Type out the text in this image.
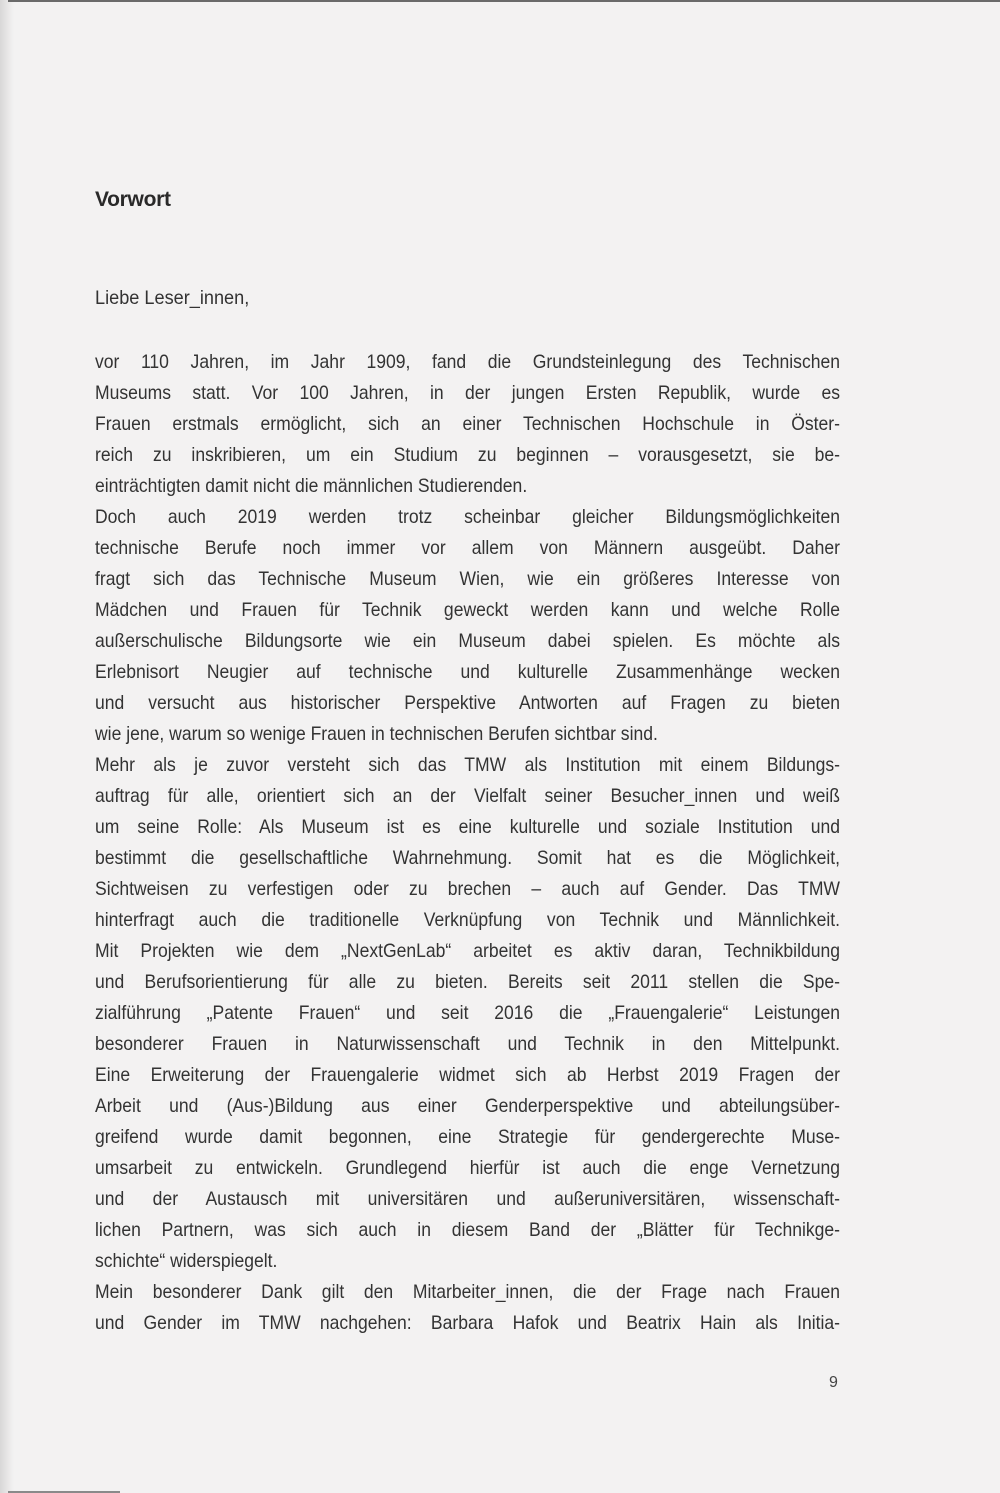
Vorwort

Liebe Leser_innen,

vor 110 Jahren, im Jahr 1909, fand die Grundsteinlegung des Technischen
Museums statt. Vor 100 Jahren, in der jungen Ersten Republik, wurde es
Frauen erstmals ermöglicht, sich an einer Technischen Hochschule in Öster-
reich zu inskribieren, um ein Studium zu beginnen – vorausgesetzt, sie be-
einträchtigten damit nicht die männlichen Studierenden.
Doch auch 2019 werden trotz scheinbar gleicher Bildungsmöglichkeiten
technische Berufe noch immer vor allem von Männern ausgeübt. Daher
fragt sich das Technische Museum Wien, wie ein größeres Interesse von
Mädchen und Frauen für Technik geweckt werden kann und welche Rolle
außerschulische Bildungsorte wie ein Museum dabei spielen. Es möchte als
Erlebnisort Neugier auf technische und kulturelle Zusammenhänge wecken
und versucht aus historischer Perspektive Antworten auf Fragen zu bieten
wie jene, warum so wenige Frauen in technischen Berufen sichtbar sind.
Mehr als je zuvor versteht sich das TMW als Institution mit einem Bildungs-
auftrag für alle, orientiert sich an der Vielfalt seiner Besucher_innen und weiß
um seine Rolle: Als Museum ist es eine kulturelle und soziale Institution und
bestimmt die gesellschaftliche Wahrnehmung. Somit hat es die Möglichkeit,
Sichtweisen zu verfestigen oder zu brechen – auch auf Gender. Das TMW
hinterfragt auch die traditionelle Verknüpfung von Technik und Männlichkeit.
Mit Projekten wie dem „NextGenLab“ arbeitet es aktiv daran, Technikbildung
und Berufsorientierung für alle zu bieten. Bereits seit 2011 stellen die Spe-
zialführung „Patente Frauen“ und seit 2016 die „Frauengalerie“ Leistungen
besonderer Frauen in Naturwissenschaft und Technik in den Mittelpunkt.
Eine Erweiterung der Frauengalerie widmet sich ab Herbst 2019 Fragen der
Arbeit und (Aus-)Bildung aus einer Genderperspektive und abteilungsüber-
greifend wurde damit begonnen, eine Strategie für gendergerechte Muse-
umsarbeit zu entwickeln. Grundlegend hierfür ist auch die enge Vernetzung
und der Austausch mit universitären und außeruniversitären, wissenschaft-
lichen Partnern, was sich auch in diesem Band der „Blätter für Technikge-
schichte“ widerspiegelt.
Mein besonderer Dank gilt den Mitarbeiter_innen, die der Frage nach Frauen
und Gender im TMW nachgehen: Barbara Hafok und Beatrix Hain als Initia-
9
